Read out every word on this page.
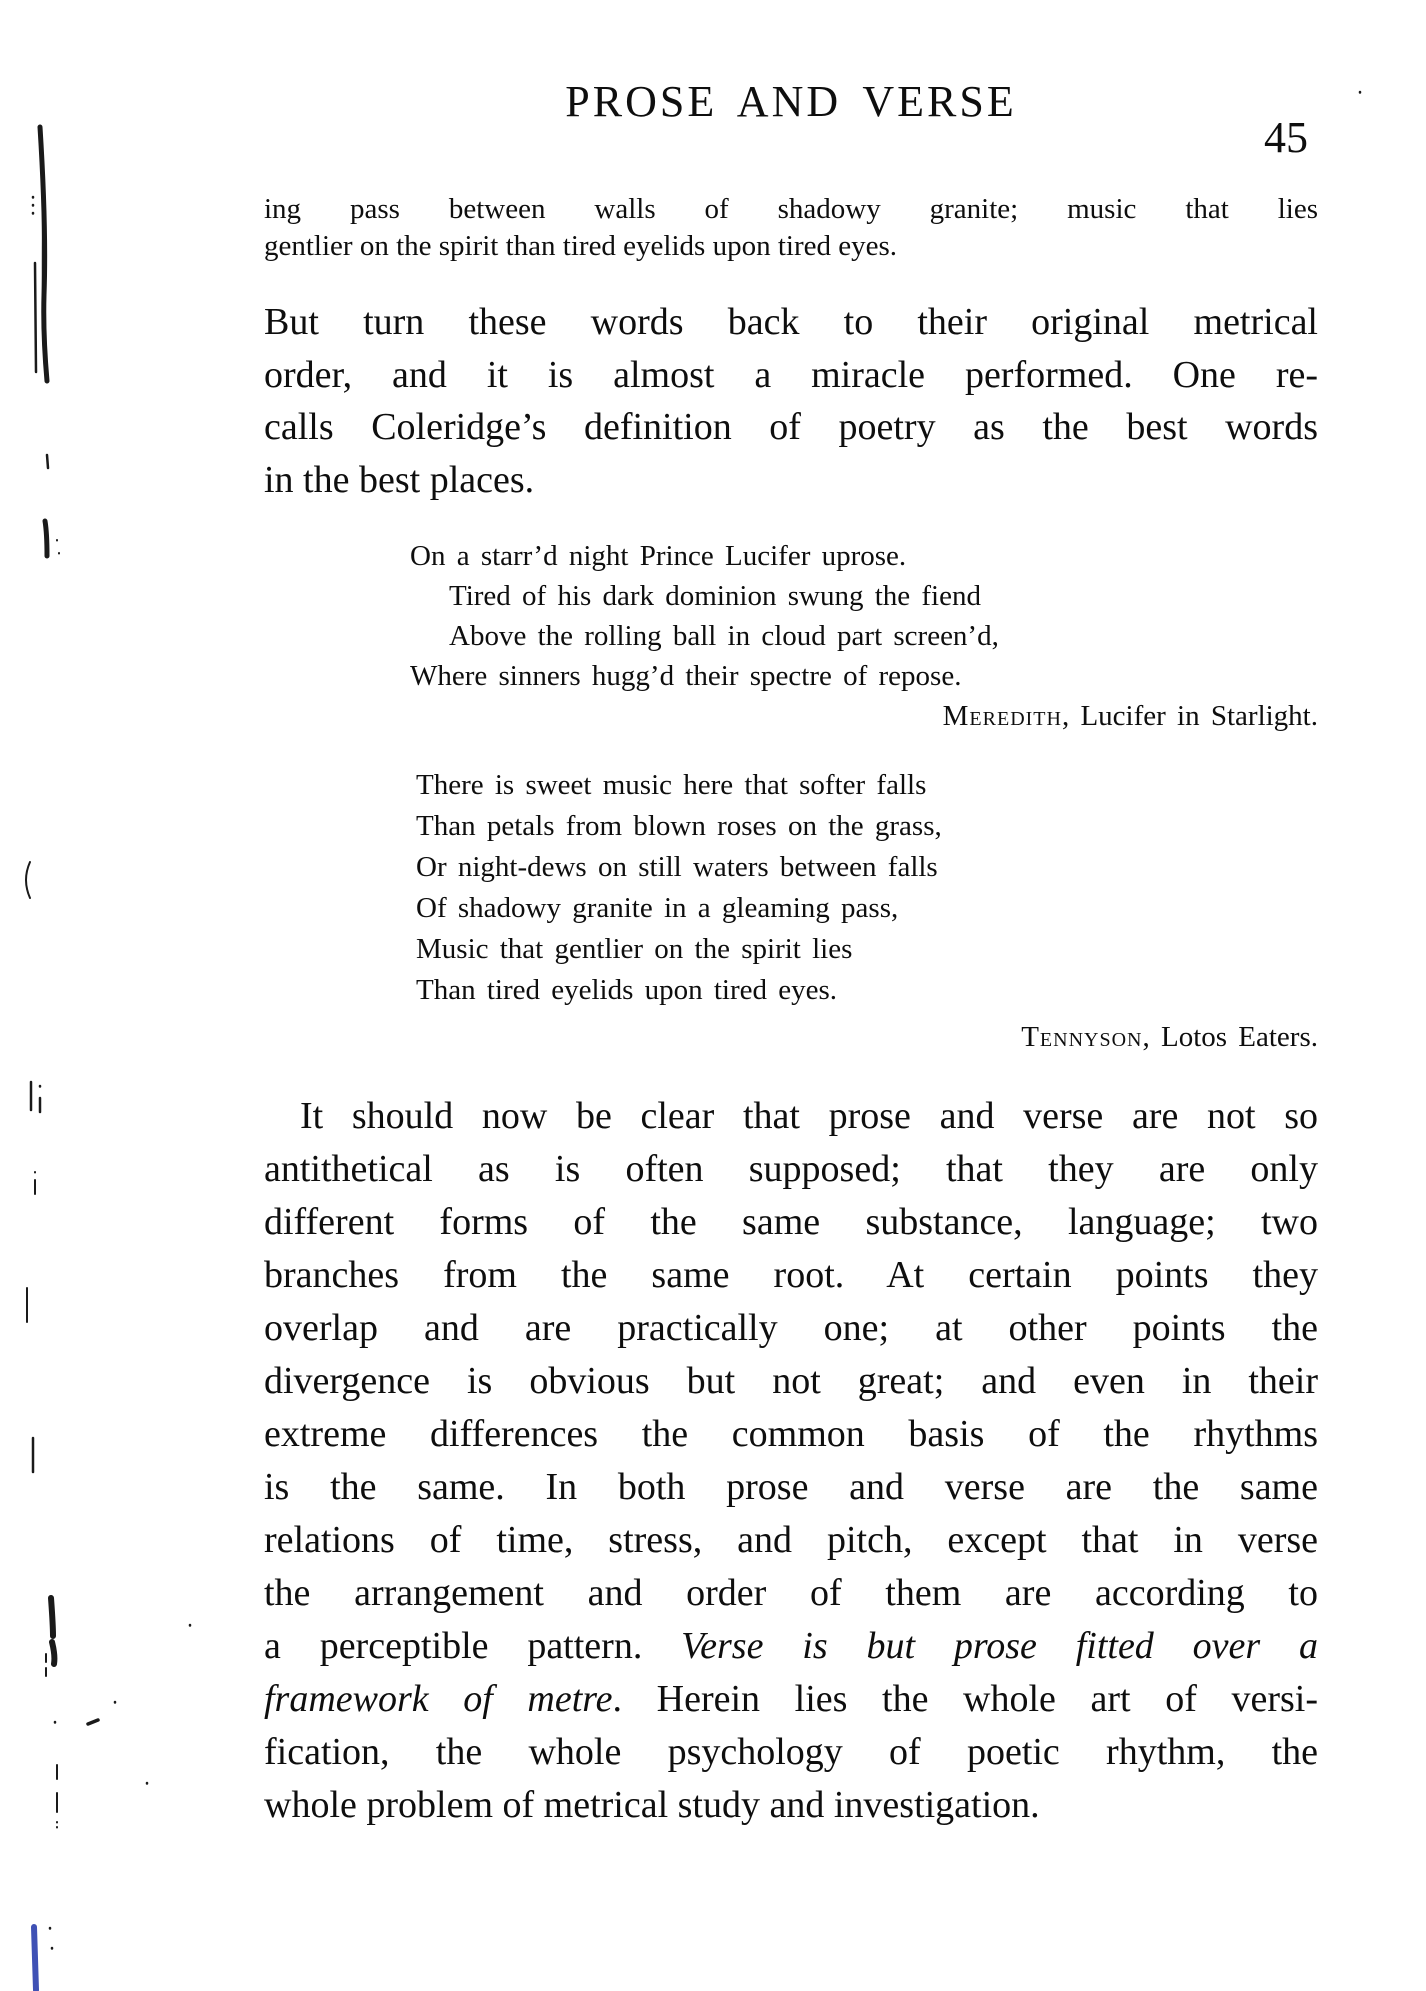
PROSE AND VERSE
45
ing pass between walls of shadowy granite; music that lies
gentlier on the spirit than tired eyelids upon tired eyes.
But turn these words back to their original metrical
order, and it is almost a miracle performed. One re-
calls Coleridge’s definition of poetry as the best words
in the best places.
On a starr’d night Prince Lucifer uprose.
Tired of his dark dominion swung the fiend
Above the rolling ball in cloud part screen’d,
Where sinners hugg’d their spectre of repose.
Meredith, Lucifer in Starlight.
There is sweet music here that softer falls
Than petals from blown roses on the grass,
Or night-dews on still waters between falls
Of shadowy granite in a gleaming pass,
Music that gentlier on the spirit lies
Than tired eyelids upon tired eyes.
Tennyson, Lotos Eaters.
It should now be clear that prose and verse are not so
antithetical as is often supposed; that they are only
different forms of the same substance, language; two
branches from the same root. At certain points they
overlap and are practically one; at other points the
divergence is obvious but not great; and even in their
extreme differences the common basis of the rhythms
is the same. In both prose and verse are the same
relations of time, stress, and pitch, except that in verse
the arrangement and order of them are according to
a perceptible pattern. Verse is but prose fitted over a
framework of metre. Herein lies the whole art of versi-
fication, the whole psychology of poetic rhythm, the
whole problem of metrical study and investigation.
